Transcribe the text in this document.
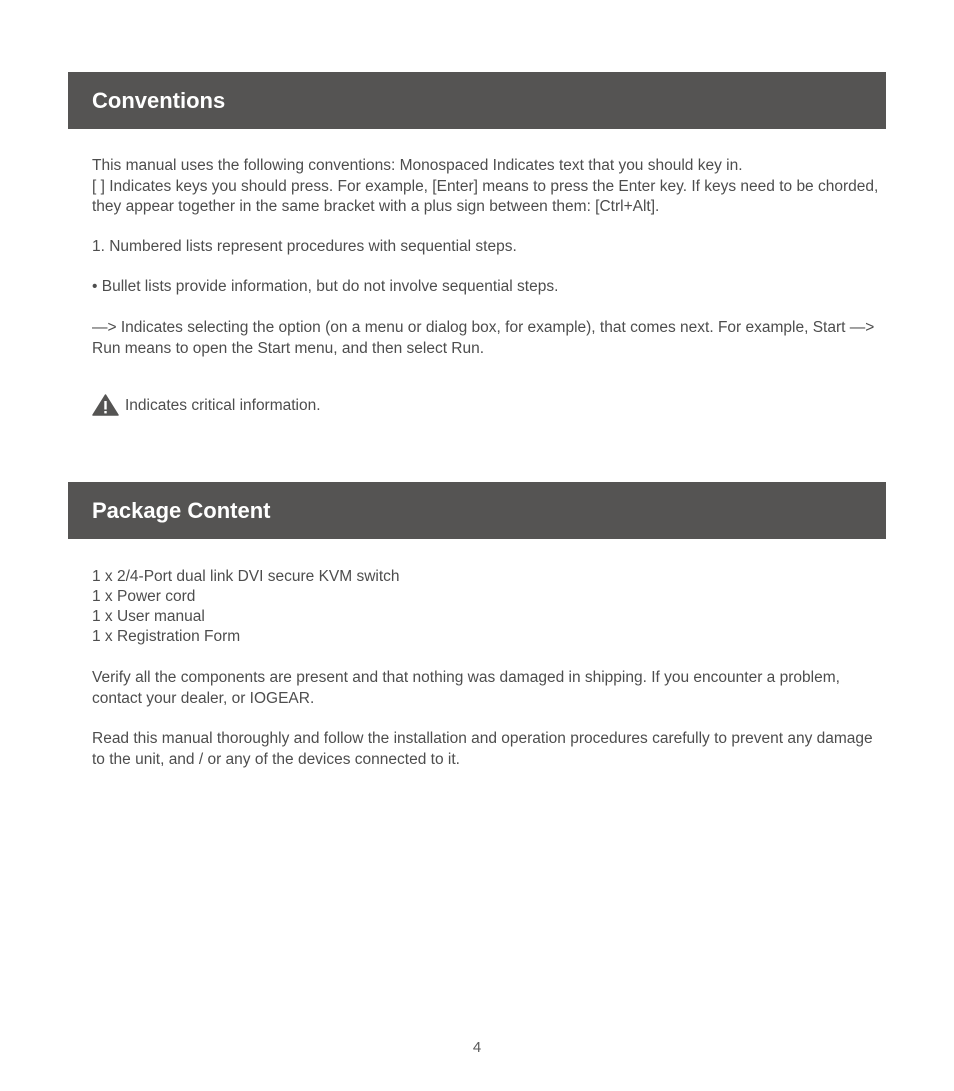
Conventions

This manual uses the following conventions: Monospaced Indicates text that you should key in.

[ ] Indicates keys you should press. For example, [Enter] means to press the Enter key. If keys need to be chorded, they appear together in the same bracket with a plus sign between them: [Ctrl+Alt].

1. Numbered lists represent procedures with sequential steps.

• Bullet lists provide information, but do not involve sequential steps.

—> Indicates selecting the option (on a menu or dialog box, for example), that comes next. For example, Start —> Run means to open the Start menu, and then select Run.

Indicates critical information.
Package Content

1 x 2/4-Port dual link DVI secure KVM switch

1 x Power cord

1 x User manual

1 x Registration Form

Verify all the components are present and that nothing was damaged in shipping. If you encounter a problem, contact your dealer, or IOGEAR.

Read this manual thoroughly and follow the installation and operation procedures carefully to prevent any damage to the unit, and / or any of the devices connected to it.

4
